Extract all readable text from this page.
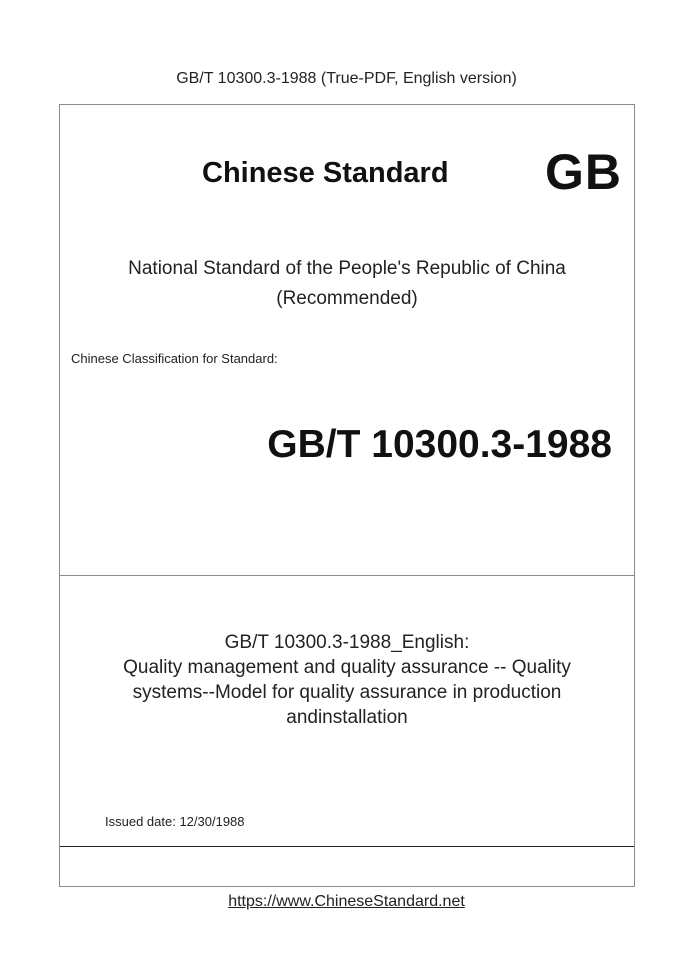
GB/T 10300.3-1988 (True-PDF, English version)
Chinese Standard GB
National Standard of the People's Republic of China
(Recommended)
Chinese Classification for Standard:
GB/T 10300.3-1988
GB/T 10300.3-1988_English:
Quality management and quality assurance -- Quality
systems--Model for quality assurance in production
andinstallation
Issued date: 12/30/1988
https://www.ChineseStandard.net
